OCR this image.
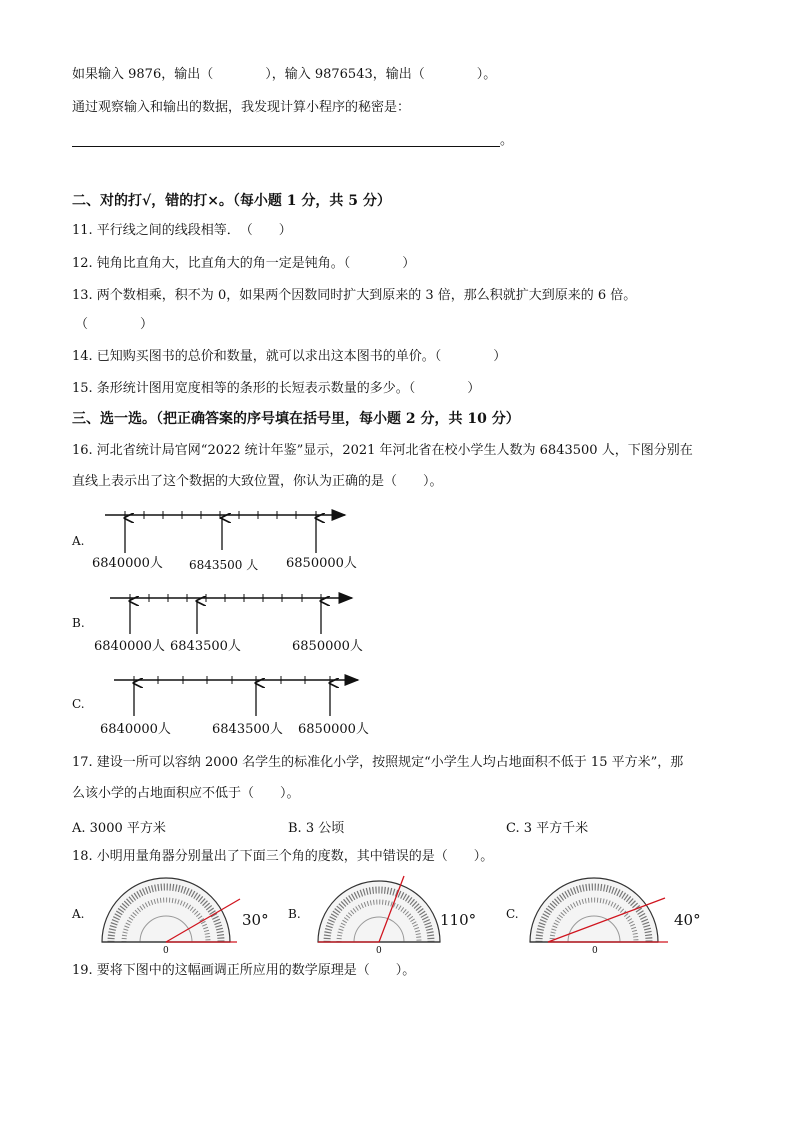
如果输入 9876，输出（　　　　），输入 9876543，输出（　　　　）。
通过观察输入和输出的数据，我发现计算小程序的秘密是：
。
二、对的打√，错的打×。（每小题 1 分，共 5 分）
11. 平行线之间的线段相等．　（　　）
12. 钝角比直角大，比直角大的角一定是钝角。（　　　　）
13. 两个数相乘，积不为 0，如果两个因数同时扩大到原来的 3 倍，那么积就扩大到原来的 6 倍。
（　　　　）
14. 已知购买图书的总价和数量，就可以求出这本图书的单价。（　　　　）
15. 条形统计图用宽度相等的条形的长短表示数量的多少。（　　　　）
三、选一选。（把正确答案的序号填在括号里，每小题 2 分，共 10 分）
16. 河北省统计局官网“2022 统计年鉴”显示，2021 年河北省在校小学生人数为 6843500 人，下图分别在
直线上表示出了这个数据的大致位置，你认为正确的是（　　）。
A.
6840000人 6843500 人 6850000人
B.
6840000人 6843500人	6850000人
C.
6840000人	6843500人 6850000人
17. 建设一所可以容纳 2000 名学生的标准化小学，按照规定“小学生人均占地面积不低于 15 平方米”，那
么该小学的占地面积应不低于（　　）。
A. 3000 平方米	B. 3 公顷	C. 3 平方千米
18. 小明用量角器分别量出了下面三个角的度数，其中错误的是（　　）。
A.	30°
0
B.	110°
0
C.	40°
0
19. 要将下图中的这幅画调正所应用的数学原理是（　　）。
